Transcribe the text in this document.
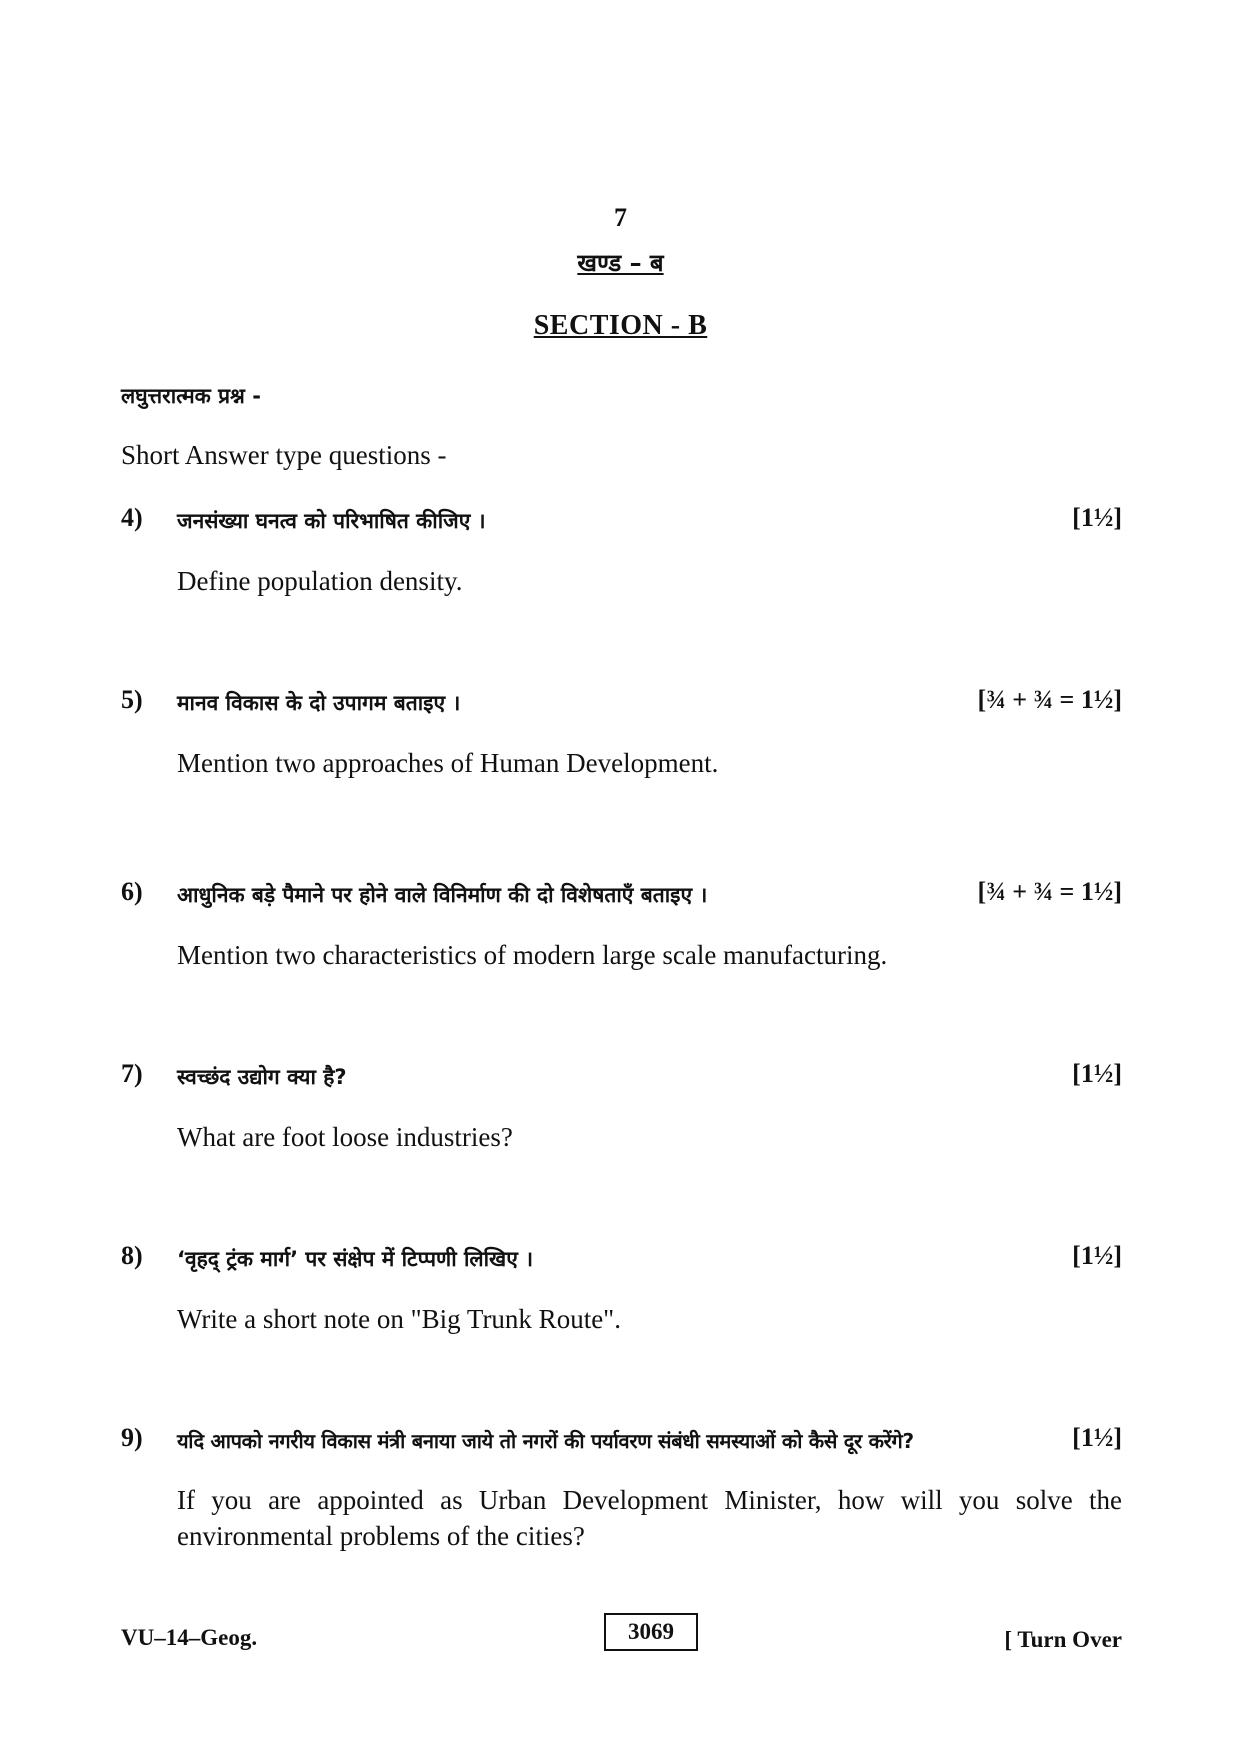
7
खण्ड – ब
SECTION - B
लघुत्तरात्मक प्रश्न -
Short Answer type questions -
4) जनसंख्या घनत्व को परिभाषित कीजिए ।	[1½]
Define population density.
5) मानव विकास के दो उपागम बताइए ।	[¾ + ¾ = 1½]
Mention two approaches of Human Development.
6) आधुनिक बड़े पैमाने पर होने वाले विनिर्माण की दो विशेषताएँ बताइए ।	[¾ + ¾ = 1½]
Mention two characteristics of modern large scale manufacturing.
7) स्वच्छंद उद्योग क्या है?	[1½]
What are foot loose industries?
8) ‘वृहद् ट्रंक मार्ग’ पर संक्षेप में टिप्पणी लिखिए ।	[1½]
Write a short note on "Big Trunk Route".
9) यदि आपको नगरीय विकास मंत्री बनाया जाये तो नगरों की पर्यावरण संबंधी समस्याओं को कैसे दूर करेंगे?	[1½]
If you are appointed as Urban Development Minister, how will you solve the environmental problems of the cities?
VU–14–Geog.	3069	[ Turn Over
